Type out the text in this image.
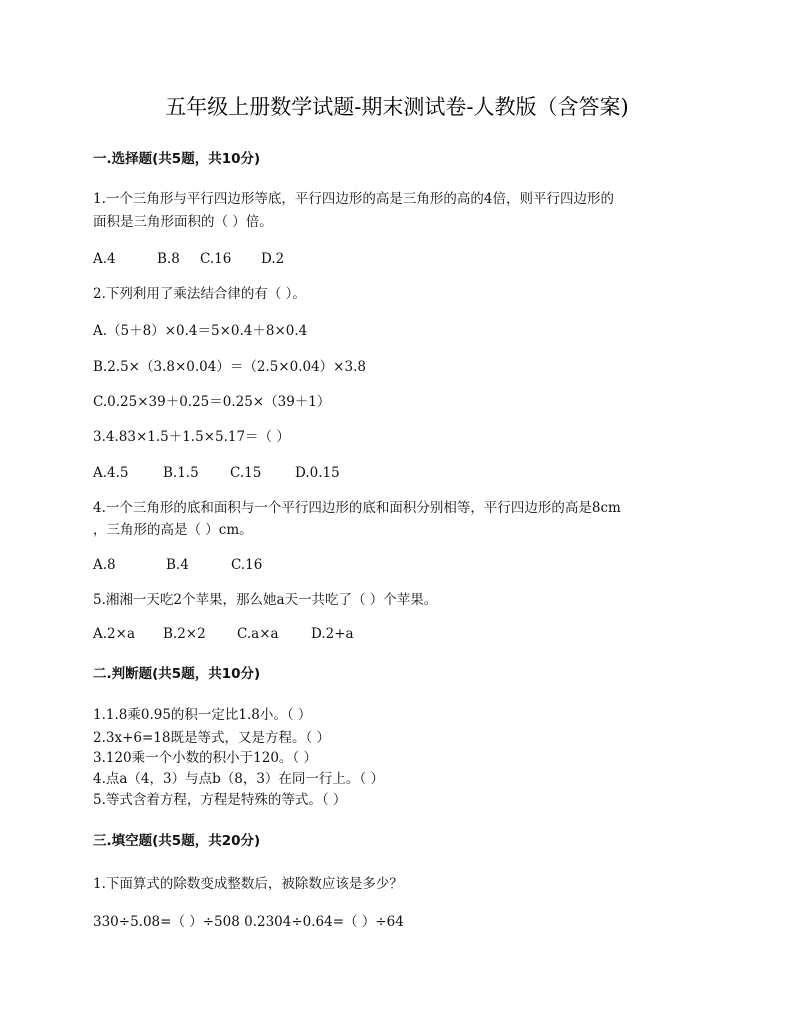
五年级上册数学试题-期末测试卷-人教版（含答案)
一.选择题(共5题，共10分)
1.一个三角形与平行四边形等底，平行四边形的高是三角形的高的4倍，则平行四边形的
面积是三角形面积的（ ）倍。
A.4	B.8 C.16 D.2
2.下列利用了乘法结合律的有（ ）。
A.（5＋8）×0.4＝5×0.4＋8×0.4
B.2.5×（3.8×0.04）＝（2.5×0.04）×3.8
C.0.25×39＋0.25＝0.25×（39＋1）
3.4.83×1.5＋1.5×5.17＝（ ）
A.4.5	B.1.5 C.15 D.0.15
4.一个三角形的底和面积与一个平行四边形的底和面积分别相等，平行四边形的高是8cm
，三角形的高是（ ）cm。
A.8	B.4	C.16
5.湘湘一天吃2个苹果，那么她a天一共吃了（ ）个苹果。
A.2×a B.2×2 C.a×a D.2+a
二.判断题(共5题，共10分)
1.1.8乘0.95的积一定比1.8小。（ ）
2.3x+6=18既是等式，又是方程。（ ）
3.120乘一个小数的积小于120。（ ）
4.点a（4，3）与点b（8，3）在同一行上。（ ）
5.等式含着方程，方程是特殊的等式。（ ）
三.填空题(共5题，共20分)
1.下面算式的除数变成整数后，被除数应该是多少？
330÷5.08=（ ）÷508 0.2304÷0.64=（ ）÷64
